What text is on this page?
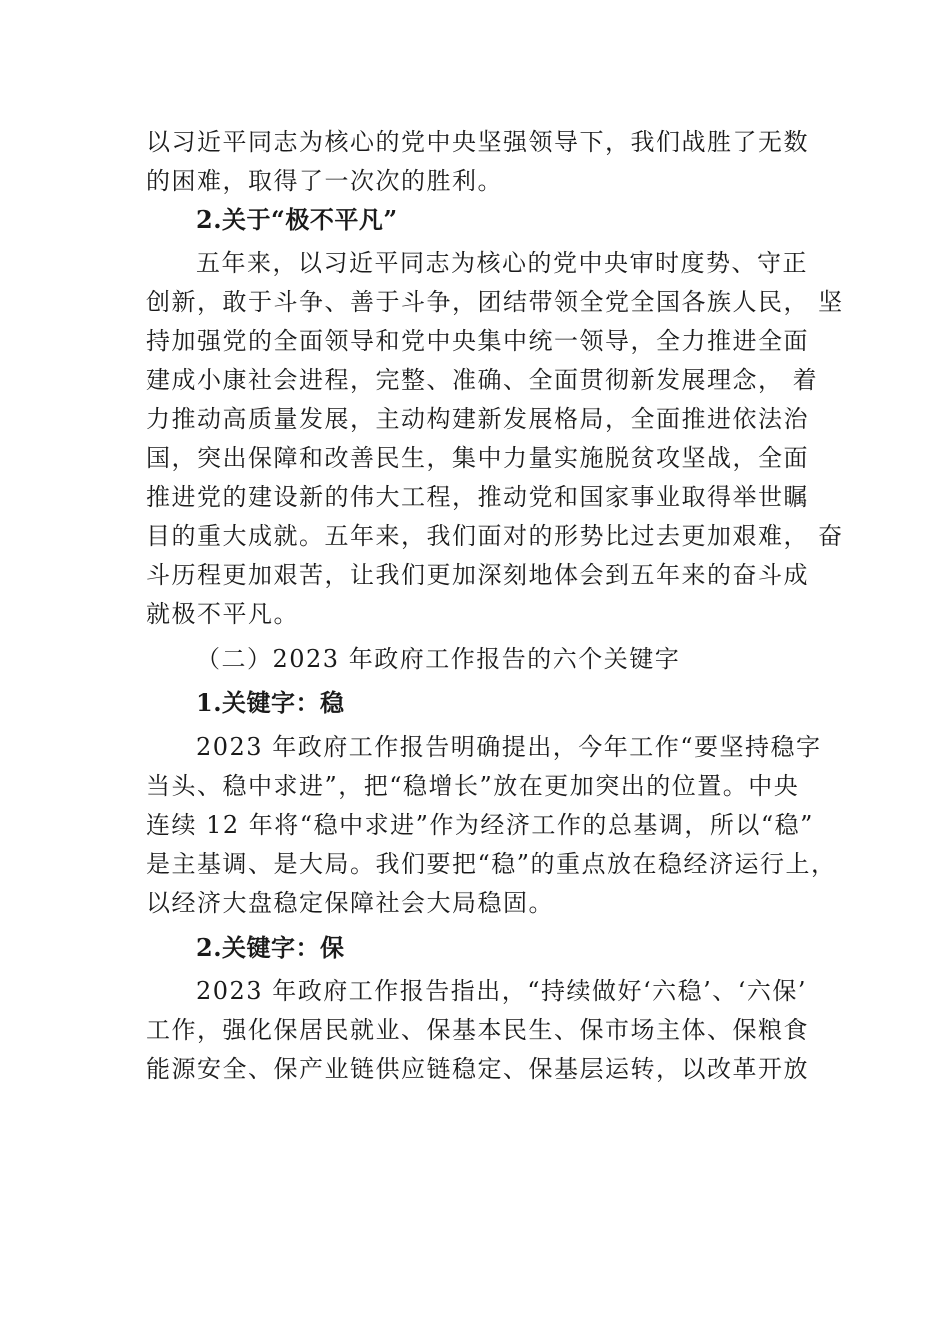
以习近平同志为核心的党中央坚强领导下，我们战胜了无数
的困难，取得了一次次的胜利。
2.关于“极不平凡”
五年来，以习近平同志为核心的党中央审时度势、守正
创新，敢于斗争、善于斗争，团结带领全党全国各族人民， 坚
持加强党的全面领导和党中央集中统一领导，全力推进全面
建成小康社会进程，完整、准确、全面贯彻新发展理念， 着
力推动高质量发展，主动构建新发展格局，全面推进依法治
国，突出保障和改善民生，集中力量实施脱贫攻坚战，全面
推进党的建设新的伟大工程，推动党和国家事业取得举世瞩
目的重大成就。五年来，我们面对的形势比过去更加艰难， 奋
斗历程更加艰苦，让我们更加深刻地体会到五年来的奋斗成
就极不平凡。
（二）2023 年政府工作报告的六个关键字
1.关键字：稳
2023 年政府工作报告明确提出，今年工作“要坚持稳字
当头、稳中求进”，把“稳增长”放在更加突出的位置。中央
连续 12 年将“稳中求进”作为经济工作的总基调，所以“稳”
是主基调、是大局。我们要把“稳”的重点放在稳经济运行上，
以经济大盘稳定保障社会大局稳固。
2.关键字：保
2023 年政府工作报告指出，“持续做好‘六稳’、‘六保’
工作，强化保居民就业、保基本民生、保市场主体、保粮食
能源安全、保产业链供应链稳定、保基层运转，以改革开放
